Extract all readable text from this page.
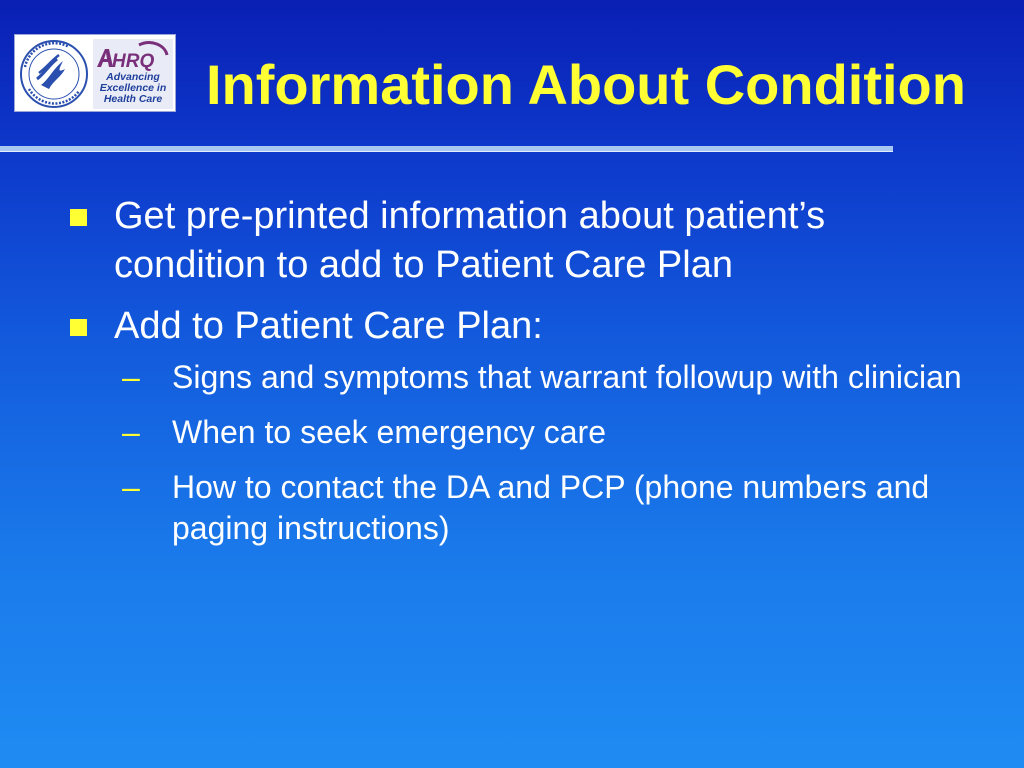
HRQ
Advancing
Excellence in
Health Care Information About Condition
Get pre-printed information about patient’s condition to add to Patient Care Plan
Add to Patient Care Plan:
– Signs and symptoms that warrant followup with clinician
– When to seek emergency care
– How to contact the DA and PCP (phone numbers and paging instructions)
